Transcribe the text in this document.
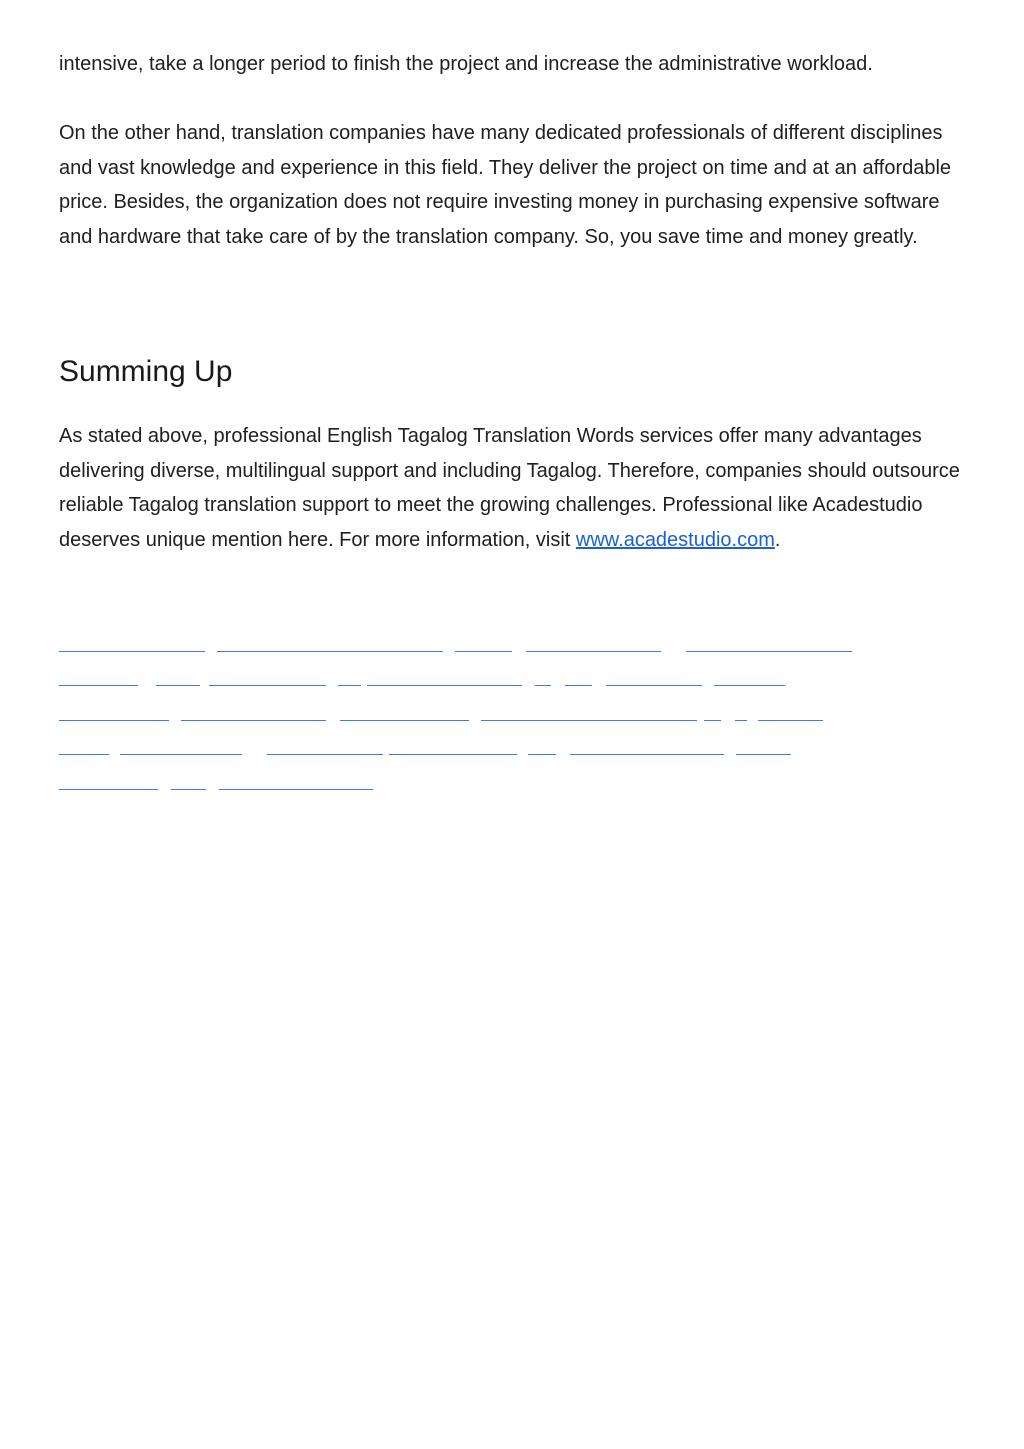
intensive, take a longer period to finish the project and increase the administrative workload.

On the other hand, translation companies have many dedicated professionals of different disciplines and vast knowledge and experience in this field. They deliver the project on time and at an affordable price. Besides, the organization does not require investing money in purchasing expensive software and hardware that take care of by the translation company. So, you save time and money greatly.

Summing Up

As stated above, professional English Tagalog Translation Words services offer many advantages delivering diverse, multilingual support and including Tagalog. Therefore, companies should outsource reliable Tagalog translation support to meet the growing challenges. Professional like Acadestudio deserves unique mention here. For more information, visit www.acadestudio.com.
